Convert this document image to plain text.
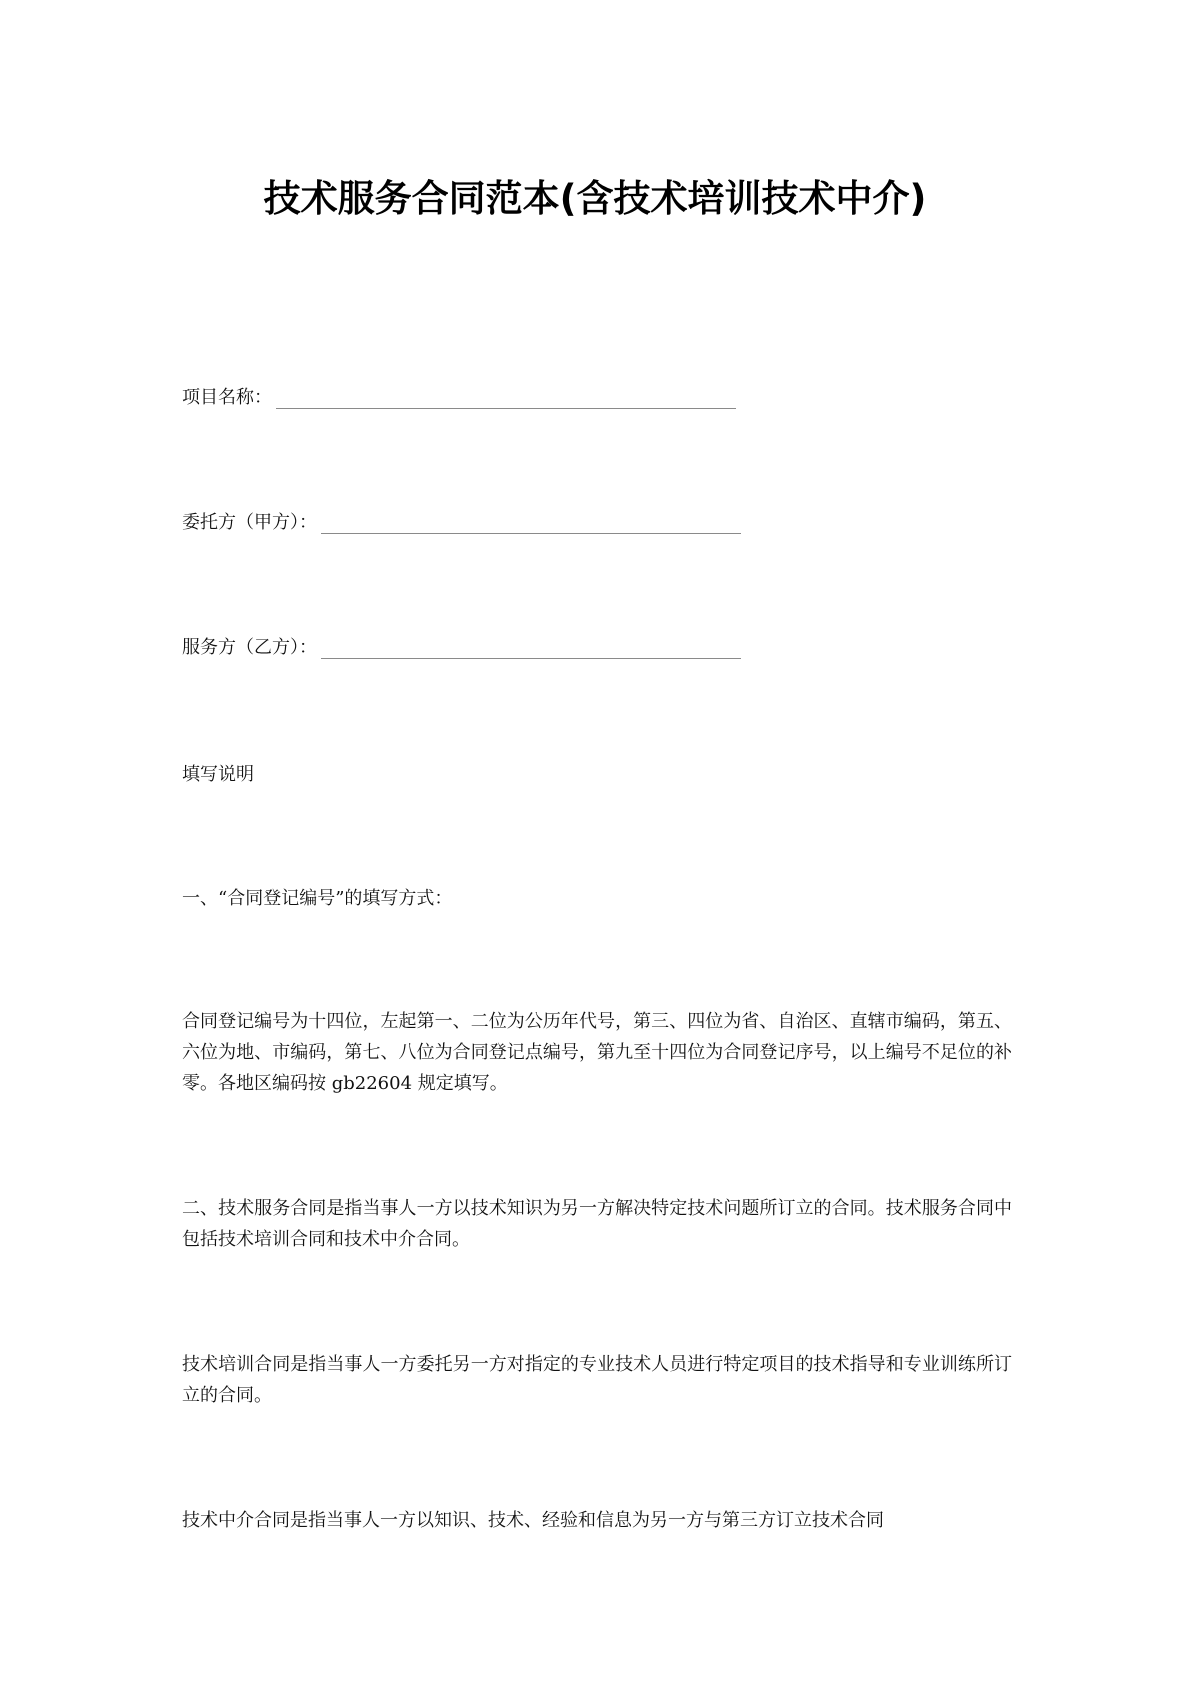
技术服务合同范本(含技术培训技术中介)
项目名称：
委托方（甲方）：
服务方（乙方）：
填写说明
一、“合同登记编号”的填写方式：
合同登记编号为十四位，左起第一、二位为公历年代号，第三、四位为省、自治区、直辖市编码，第五、六位为地、市编码，第七、八位为合同登记点编号，第九至十四位为合同登记序号，以上编号不足位的补零。各地区编码按 gb22604 规定填写。
二、技术服务合同是指当事人一方以技术知识为另一方解决特定技术问题所订立的合同。技术服务合同中包括技术培训合同和技术中介合同。
技术培训合同是指当事人一方委托另一方对指定的专业技术人员进行特定项目的技术指导和专业训练所订立的合同。
技术中介合同是指当事人一方以知识、技术、经验和信息为另一方与第三方订立技术合同
